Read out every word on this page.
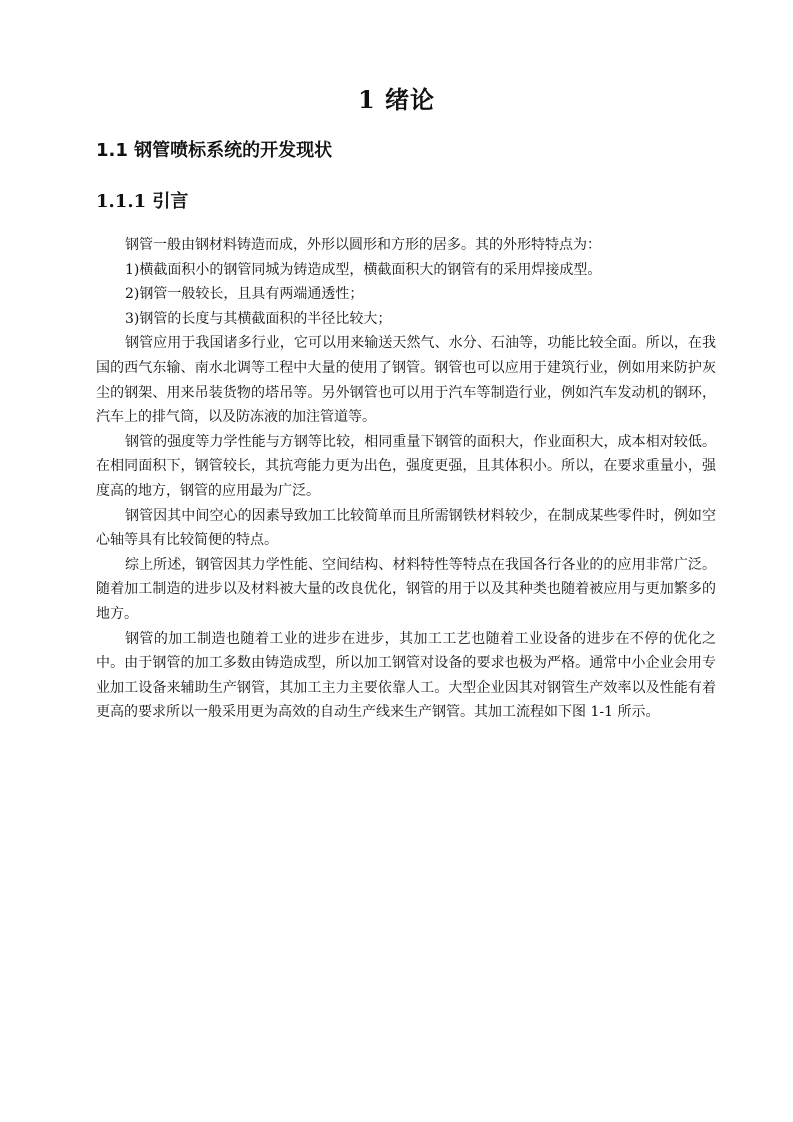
1 绪论
1.1 钢管喷标系统的开发现状
1.1.1 引言

钢管一般由钢材料铸造而成，外形以圆形和方形的居多。其的外形特特点为：

1)横截面积小的钢管同城为铸造成型，横截面积大的钢管有的采用焊接成型。

2)钢管一般较长，且具有两端通透性；

3)钢管的长度与其横截面积的半径比较大；

钢管应用于我国诸多行业，它可以用来输送天然气、水分、石油等，功能比较全面。所以，在我国的西气东输、南水北调等工程中大量的使用了钢管。钢管也可以应用于建筑行业，例如用来防护灰尘的钢架、用来吊装货物的塔吊等。另外钢管也可以用于汽车等制造行业，例如汽车发动机的钢环，汽车上的排气筒，以及防冻液的加注管道等。

钢管的强度等力学性能与方钢等比较，相同重量下钢管的面积大，作业面积大，成本相对较低。在相同面积下，钢管较长，其抗弯能力更为出色，强度更强，且其体积小。所以，在要求重量小，强度高的地方，钢管的应用最为广泛。

钢管因其中间空心的因素导致加工比较简单而且所需钢铁材料较少，在制成某些零件时，例如空心轴等具有比较简便的特点。

综上所述，钢管因其力学性能、空间结构、材料特性等特点在我国各行各业的的应用非常广泛。随着加工制造的进步以及材料被大量的改良优化，钢管的用于以及其种类也随着被应用与更加繁多的地方。

钢管的加工制造也随着工业的进步在进步，其加工工艺也随着工业设备的进步在不停的优化之中。由于钢管的加工多数由铸造成型，所以加工钢管对设备的要求也极为严格。通常中小企业会用专业加工设备来辅助生产钢管，其加工主力主要依靠人工。大型企业因其对钢管生产效率以及性能有着更高的要求所以一般采用更为高效的自动生产线来生产钢管。其加工流程如下图 1-1 所示。
